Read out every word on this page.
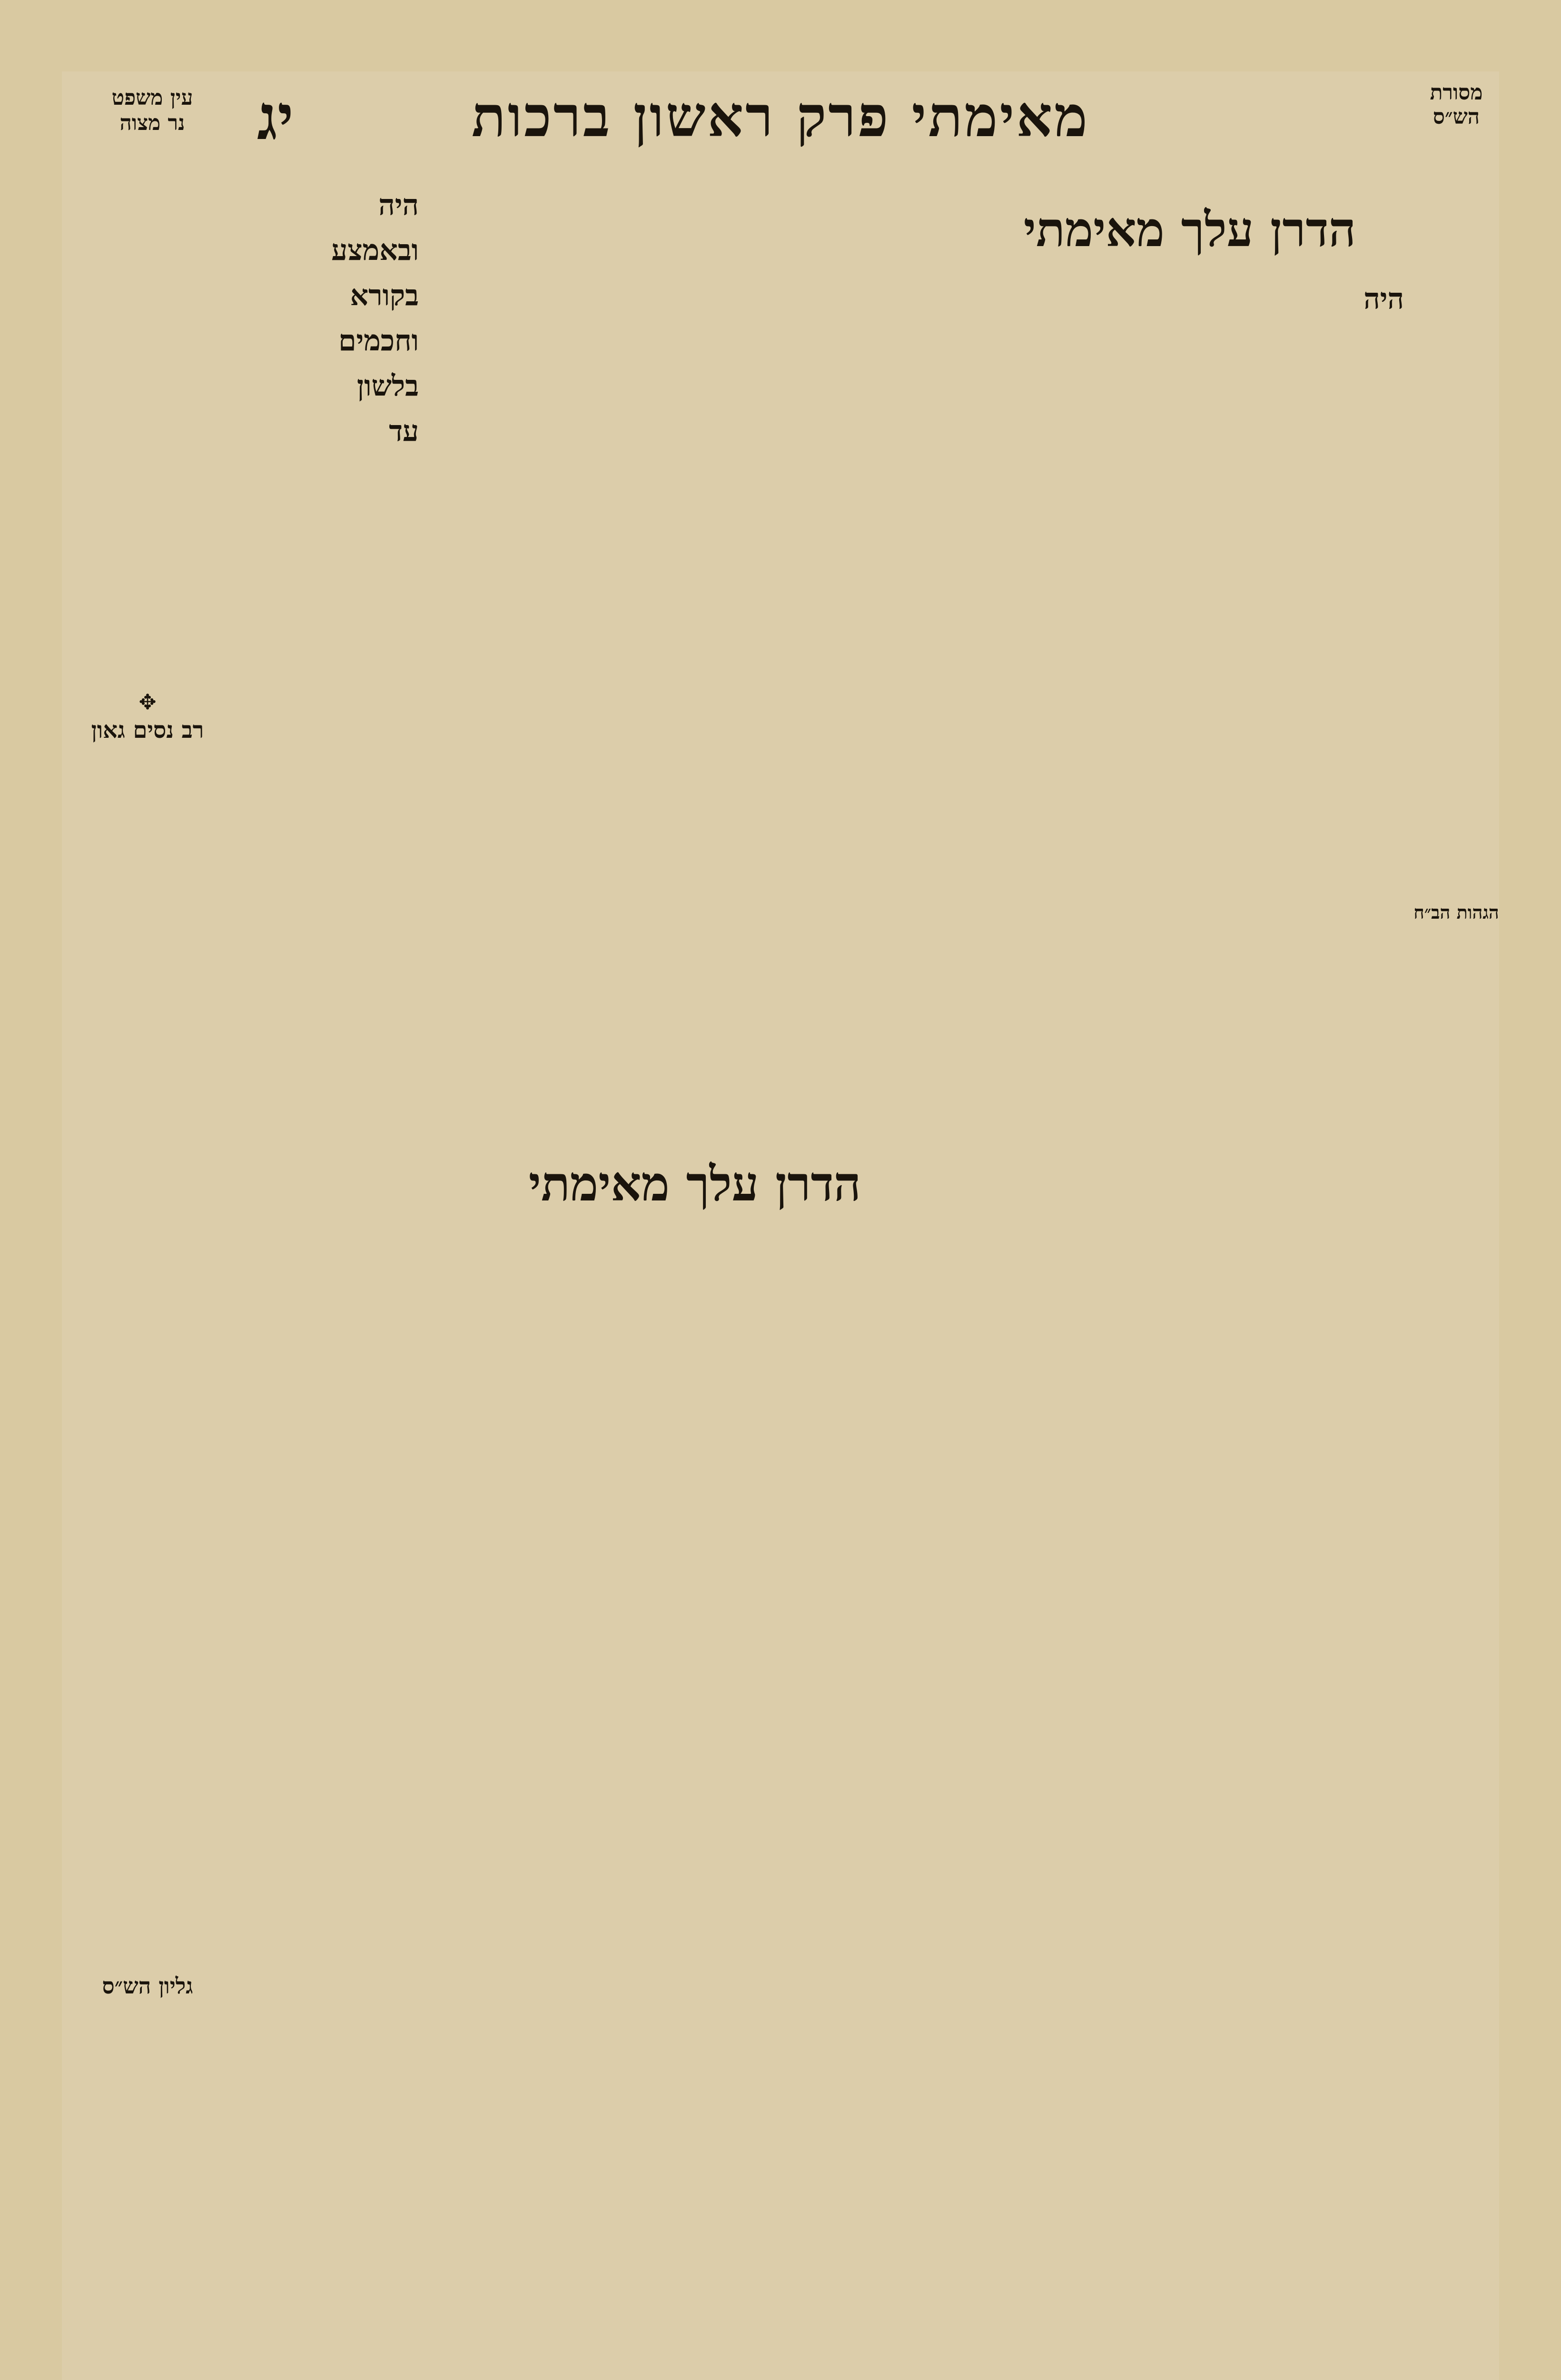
מסורת
הש״ס
מאימתי פרק ראשון ברכות
יג
עין משפט
נר מצוה
הגהות הב״ח
הדרן עלך מאימתי
היה
הדרן עלך מאימתי
היה
ובאמצע
בקורא
וחכמים
בלשון
עד
✥
רב נסים גאון
גליון הש״ס
